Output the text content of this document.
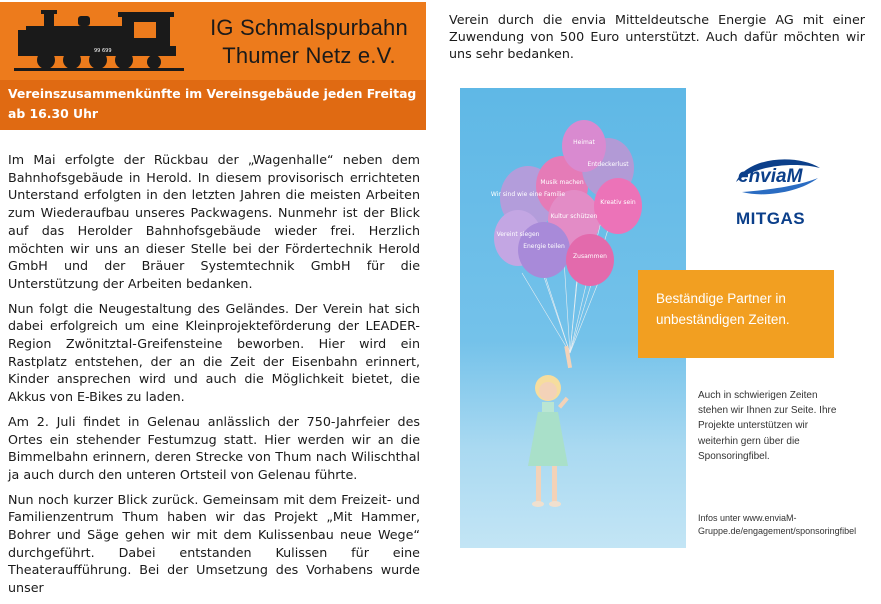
99 699
IG Schmalspurbahn
Thumer Netz e.V.
Vereinszusammenkünfte im Vereinsgebäude jeden Freitag ab 16.30 Uhr

Im Mai erfolgte der Rückbau der „Wagenhalle“ neben dem Bahnhofsgebäude in Herold. In diesem provisorisch errichteten Unterstand erfolgten in den letzten Jahren die meisten Arbeiten zum Wiederaufbau unseres Packwagens. Nunmehr ist der Blick auf das Herolder Bahnhofsgebäude wieder frei. Herzlich möchten wir uns an dieser Stelle bei der Fördertechnik Herold GmbH und der Bräuer Systemtechnik GmbH für die Unterstützung der Arbeiten bedanken.

Nun folgt die Neugestaltung des Geländes. Der Verein hat sich dabei erfolgreich um eine Kleinprojekteförderung der LEADER-Region Zwönitztal-Greifensteine beworben. Hier wird ein Rastplatz entstehen, der an die Zeit der Eisenbahn erinnert, Kinder ansprechen wird und auch die Möglichkeit bietet, die Akkus von E-Bikes zu laden.

Am 2. Juli findet in Gelenau anlässlich der 750-Jahrfeier des Ortes ein stehender Festumzug statt. Hier werden wir an die Bimmelbahn erinnern, deren Strecke von Thum nach Wilischthal ja auch durch den unteren Ortsteil von Gelenau führte.

Nun noch kurzer Blick zurück. Gemeinsam mit dem Freizeit- und Familienzentrum Thum haben wir das Projekt „Mit Hammer, Bohrer und Säge gehen wir mit dem Kulissenbau neue Wege“ durchgeführt. Dabei entstanden Kulissen für eine Theateraufführung. Bei der Umsetzung des Vorhabens wurde unser

Verein durch die envia Mitteldeutsche Energie AG mit einer Zuwendung von 500 Euro unterstützt. Auch dafür möchten wir uns sehr bedanken.
Wir sind wie eine Familie
Musik machen
Entdeckerlust
Vereint siegen
Kultur schützen
Kreativ sein
Energie teilen
Zusammen
Heimat
enviaM
MITGAS
Beständige Partner in unbeständigen Zeiten.
Auch in schwierigen Zeiten stehen wir Ihnen zur Seite. Ihre Projekte unterstützen wir weiterhin gern über die Sponsoringfibel.
Infos unter www.enviaM-Gruppe.de/engagement/sponsoringfibel
